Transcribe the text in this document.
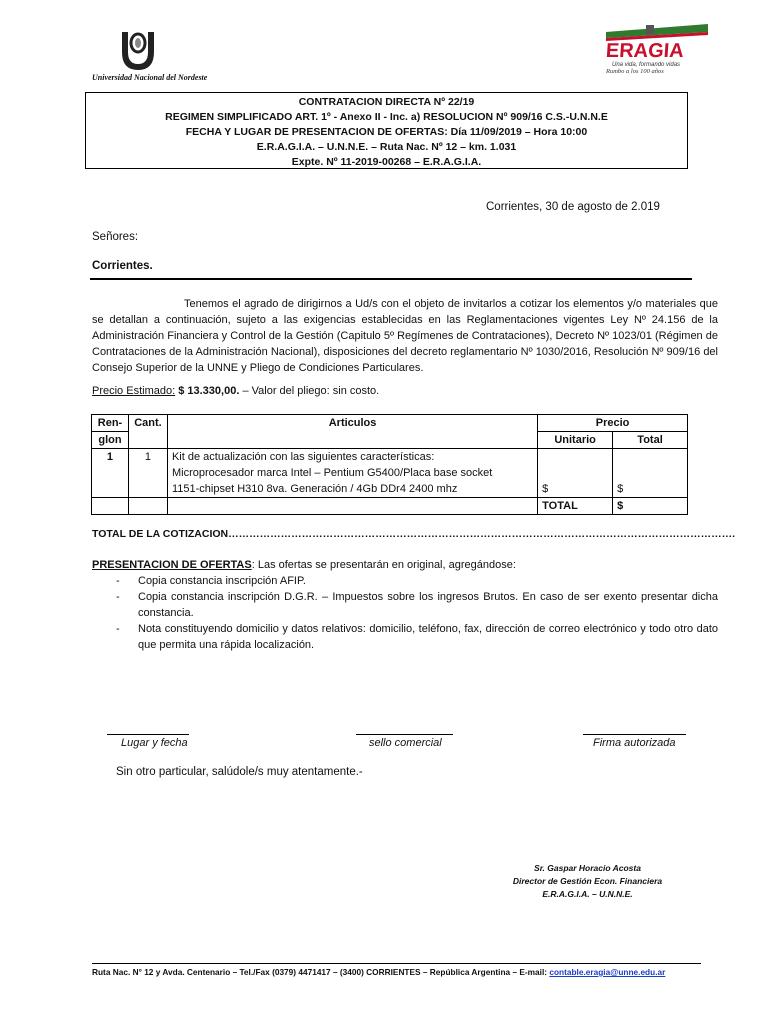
Universidad Nacional del Nordeste
ERAGIA
Una vida, formando vidas
Rumbo a los 100 años
CONTRATACION DIRECTA Nº 22/19
REGIMEN SIMPLIFICADO ART. 1º - Anexo II - Inc. a) RESOLUCION Nº 909/16 C.S.-U.N.N.E
FECHA Y LUGAR DE PRESENTACION DE OFERTAS: Día 11/09/2019 – Hora 10:00
E.R.A.G.I.A. – U.N.N.E. – Ruta Nac. Nº 12 – km. 1.031
Expte. Nº 11-2019-00268 – E.R.A.G.I.A.
Corrientes, 30 de agosto de 2.019
Señores:
Corrientes.
Tenemos el agrado de dirigirnos a Ud/s con el objeto de invitarlos a cotizar los elementos y/o materiales que se detallan a continuación, sujeto a las exigencias establecidas en las Reglamentaciones vigentes Ley Nº 24.156 de la Administración Financiera y Control de la Gestión (Capitulo 5º Regímenes de Contrataciones), Decreto Nº 1023/01 (Régimen de Contrataciones de la Administración Nacional), disposiciones del decreto reglamentario Nº 1030/2016, Resolución Nº 909/16 del Consejo Superior de la UNNE y Pliego de Condiciones Particulares.
Precio Estimado: $ 13.330,00. – Valor del pliego: sin costo.
Ren-	Cant.	Articulos	Precio	
glon			Unitario	Total
1	1	Kit de actualización con las siguientes características:
Microprocesador marca Intel – Pentium G5400/Placa base socket
1151-chipset H310 8va. Generación / 4Gb DDr4 2400 mhz	$	$
			TOTAL	$
TOTAL DE LA COTIZACION……………………………………………………………………………………………………………………………….
PRESENTACION DE OFERTAS: Las ofertas se presentarán en original, agregándose:
- Copia constancia inscripción AFIP.
- Copia constancia inscripción D.G.R. – Impuestos sobre los ingresos Brutos. En caso de ser exento presentar dicha constancia.
- Nota constituyendo domicilio y datos relativos: domicilio, teléfono, fax, dirección de correo electrónico y todo otro dato que permita una rápida localización.
Lugar y fecha	sello comercial	Firma autorizada
Sin otro particular, salúdole/s muy atentamente.-
Sr. Gaspar Horacio Acosta
Director de Gestión Econ. Financiera
E.R.A.G.I.A. – U.N.N.E.
Ruta Nac. N° 12 y Avda. Centenario – Tel./Fax (0379) 4471417 – (3400) CORRIENTES – República Argentina – E-mail: contable.eragia@unne.edu.ar
